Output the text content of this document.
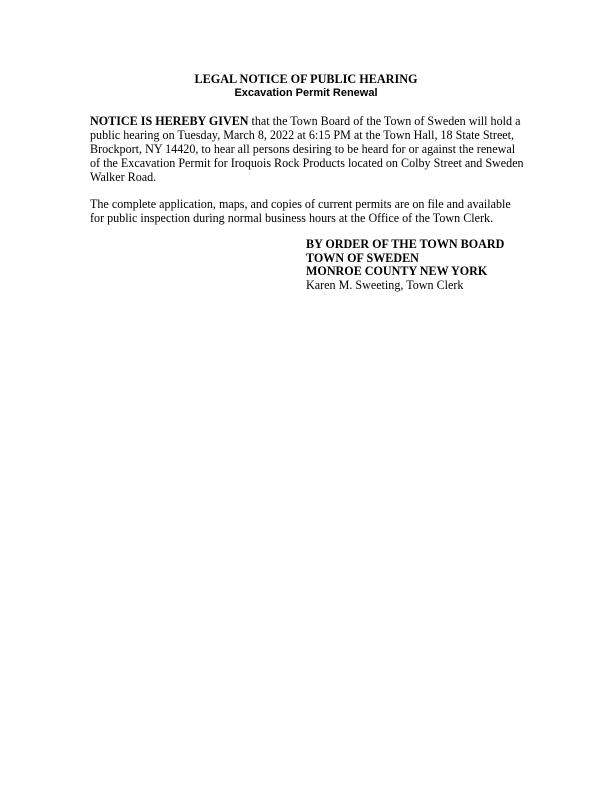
LEGAL NOTICE OF PUBLIC HEARING
Excavation Permit Renewal

NOTICE IS HEREBY GIVEN that the Town Board of the Town of Sweden will hold a
public hearing on Tuesday, March 8, 2022 at 6:15 PM at the Town Hall, 18 State Street,
Brockport, NY 14420, to hear all persons desiring to be heard for or against the renewal
of the Excavation Permit for Iroquois Rock Products located on Colby Street and Sweden
Walker Road.

The complete application, maps, and copies of current permits are on file and available
for public inspection during normal business hours at the Office of the Town Clerk.

BY ORDER OF THE TOWN BOARD
TOWN OF SWEDEN
MONROE COUNTY NEW YORK
Karen M. Sweeting, Town Clerk
